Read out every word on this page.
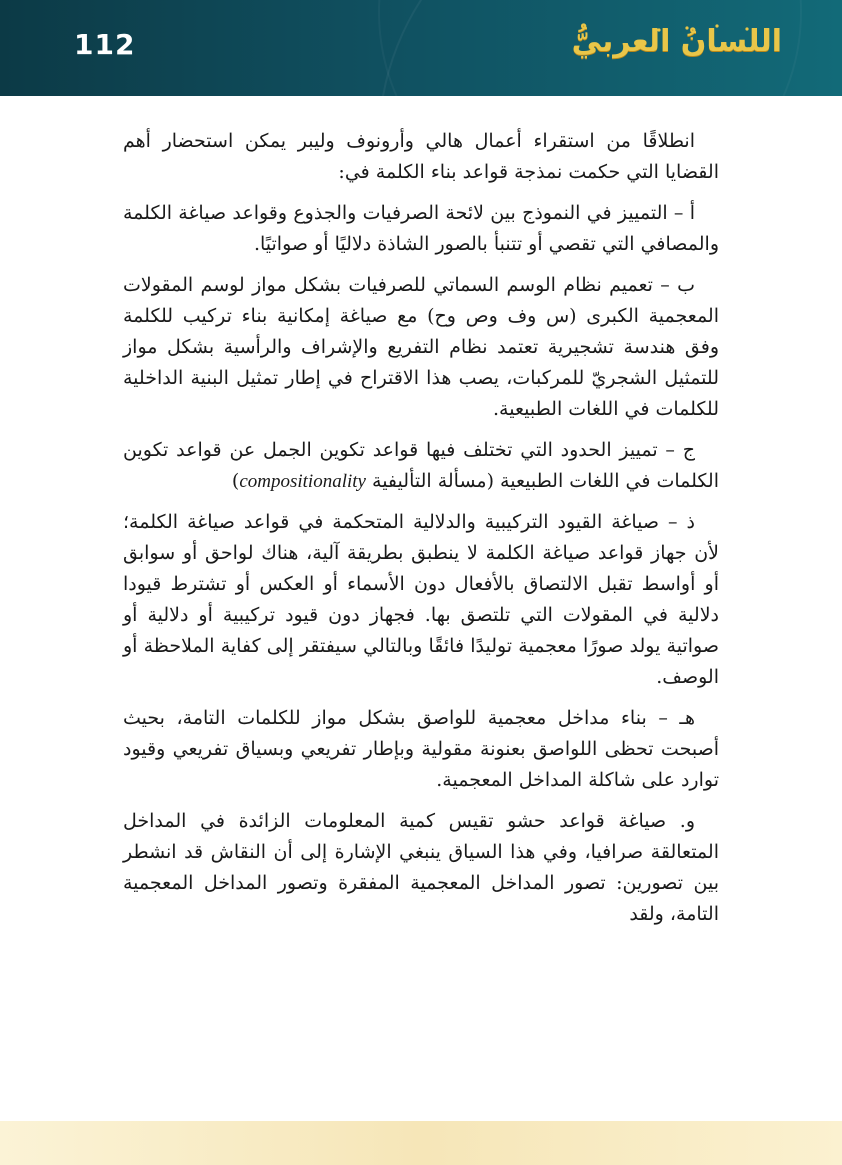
112	اللسانُ العربيُّ

انطلاقًا من استقراء أعمال هالي وأرونوف وليبر يمكن استحضار أهم القضايا التي حكمت نمذجة قواعد بناء الكلمة في:

أ – التمييز في النموذج بين لائحة الصرفيات والجذوع وقواعد صياغة الكلمة والمصافي التي تقصي أو تتنبأ بالصور الشاذة دلاليًا أو صواتيًا.

ب – تعميم نظام الوسم السماتي للصرفيات بشكل مواز لوسم المقولات المعجمية الكبرى (س وف وص وح) مع صياغة إمكانية بناء تركيب للكلمة وفق هندسة تشجيرية تعتمد نظام التفريع والإشراف والرأسية بشكل مواز للتمثيل الشجريّ للمركبات، يصب هذا الاقتراح في إطار تمثيل البنية الداخلية للكلمات في اللغات الطبيعية.

ج – تمييز الحدود التي تختلف فيها قواعد تكوين الجمل عن قواعد تكوين الكلمات في اللغات الطبيعية (مسألة التأليفية compositionality)

ذ – صياغة القيود التركيبية والدلالية المتحكمة في قواعد صياغة الكلمة؛ لأن جهاز قواعد صياغة الكلمة لا ينطبق بطريقة آلية، هناك لواحق أو سوابق أو أواسط تقبل الالتصاق بالأفعال دون الأسماء أو العكس أو تشترط قيودا دلالية في المقولات التي تلتصق بها. فجهاز دون قيود تركيبية أو دلالية أو صواتية يولد صورًا معجمية توليدًا فائقًا وبالتالي سيفتقر إلى كفاية الملاحظة أو الوصف.

هـ – بناء مداخل معجمية للواصق بشكل مواز للكلمات التامة، بحيث أصبحت تحظى اللواصق بعنونة مقولية وبإطار تفريعي وبسياق تفريعي وقيود توارد على شاكلة المداخل المعجمية.

و. صياغة قواعد حشو تقيس كمية المعلومات الزائدة في المداخل المتعالقة صرافيا، وفي هذا السياق ينبغي الإشارة إلى أن النقاش قد انشطر بين تصورين: تصور المداخل المعجمية المفقرة وتصور المداخل المعجمية التامة، ولقد
